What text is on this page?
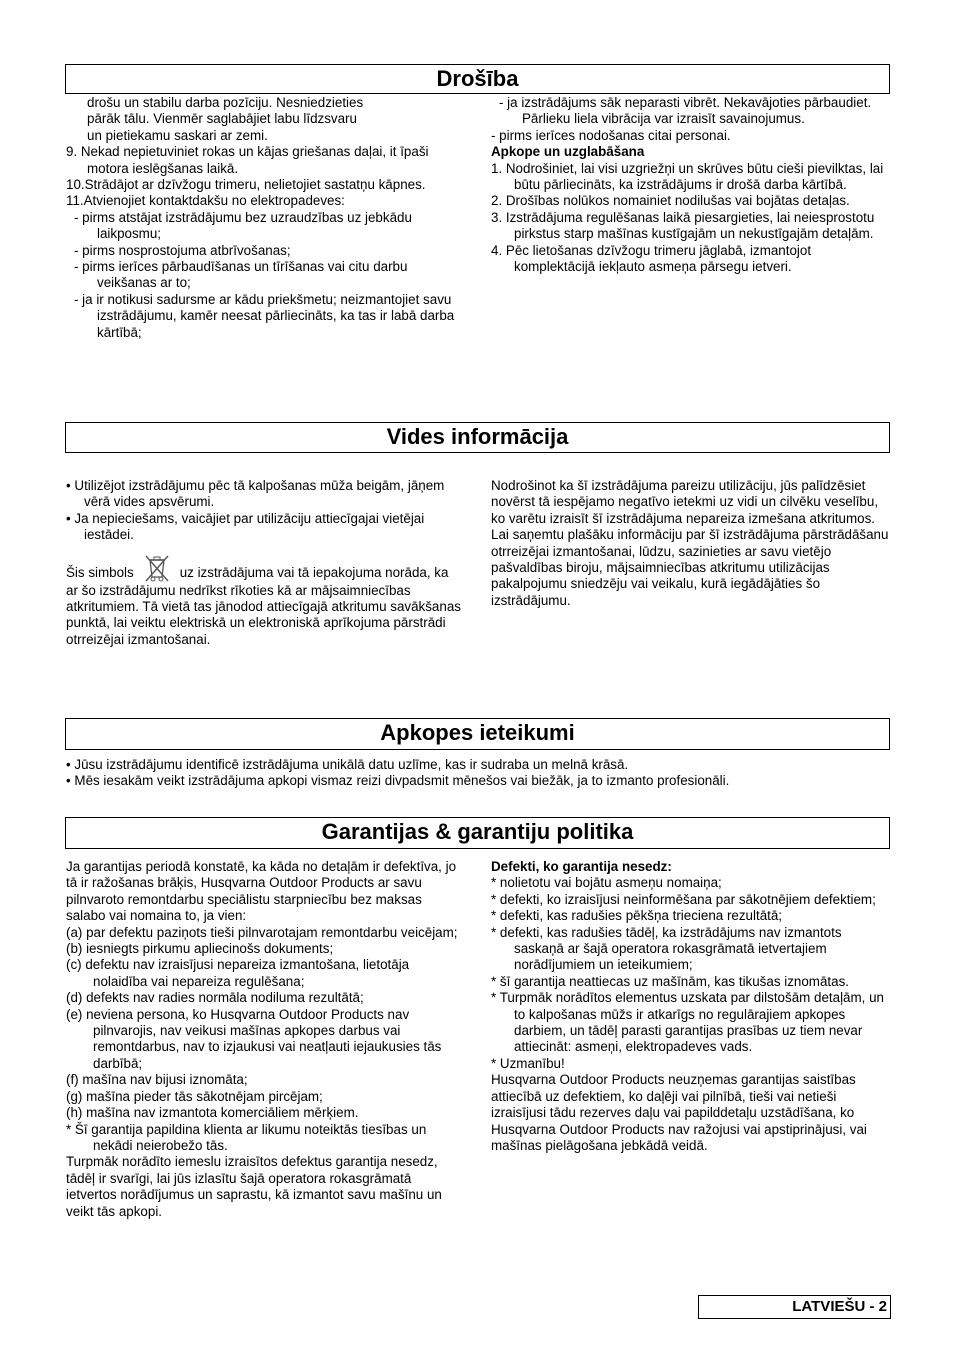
Drošība

drošu un stabilu darba pozīciju. Nesniedzieties

pārāk tālu. Vienmēr saglabājiet labu līdzsvaru

un pietiekamu saskari ar zemi.

9. Nekad nepietuviniet rokas un kājas griešanas daļai, it īpaši motora ieslēgšanas laikā.

10.Strādājot ar dzīvžogu trimeru, nelietojiet sastatņu kāpnes.

11.Atvienojiet kontaktdakšu no elektropadeves:

- pirms atstājat izstrādājumu bez uzraudzības uz jebkādu laikposmu;

- pirms nosprostojuma atbrīvošanas;

- pirms ierīces pārbaudīšanas un tīrīšanas vai citu darbu veikšanas ar to;

- ja ir notikusi sadursme ar kādu priekšmetu; neizmantojiet savu izstrādājumu, kamēr neesat pārliecināts, ka tas ir labā darba kārtībā;

- ja izstrādājums sāk neparasti vibrēt. Nekavājoties pārbaudiet. Pārlieku liela vibrācija var izraisīt savainojumus.

- pirms ierīces nodošanas citai personai.

Apkope un uzglabāšana

1. Nodrošiniet, lai visi uzgriežņi un skrūves būtu cieši pievilktas, lai būtu pārliecināts, ka izstrādājums ir drošā darba kārtībā.

2. Drošības nolūkos nomainiet nodilušas vai bojātas detaļas.

3. Izstrādājuma regulēšanas laikā piesargieties, lai neiesprostotu pirkstus starp mašīnas kustīgajām un nekustīgajām detaļām.

4. Pēc lietošanas dzīvžogu trimeru jāglabā, izmantojot komplektācijā iekļauto asmeņa pārsegu ietveri.

Vides informācija

• Utilizējot izstrādājumu pēc tā kalpošanas mūža beigām, jāņem vērā vides apsvērumi.

• Ja nepieciešams, vaicājiet par utilizāciju attiecīgajai vietējai iestādei.

Šis simbols	uz izstrādājuma vai tā iepakojuma norāda, ka ar šo izstrādājumu nedrīkst rīkoties kā ar mājsaimniecības atkritumiem. Tā vietā tas jānodod attiecīgajā atkritumu savākšanas punktā, lai veiktu elektriskā un elektroniskā aprīkojuma pārstrādi otrreizējai izmantošanai.

Nodrošinot ka šī izstrādājuma pareizu utilizāciju, jūs palīdzēsiet novērst tā iespējamo negatīvo ietekmi uz vidi un cilvēku veselību, ko varētu izraisīt šī izstrādājuma nepareiza izmešana atkritumos. Lai saņemtu plašāku informāciju par šī izstrādājuma pārstrādāšanu otrreizējai izmantošanai, lūdzu, sazinieties ar savu vietējo pašvaldības biroju, mājsaimniecības atkritumu utilizācijas pakalpojumu sniedzēju vai veikalu, kurā iegādājāties šo izstrādājumu.

Apkopes ieteikumi

• Jūsu izstrādājumu identificē izstrādājuma unikālā datu uzlīme, kas ir sudraba un melnā krāsā.

• Mēs iesakām veikt izstrādājuma apkopi vismaz reizi divpadsmit mēnešos vai biežāk, ja to izmanto profesionāli.

Garantijas & garantiju politika

Ja garantijas periodā konstatē, ka kāda no detaļām ir defektīva, jo tā ir ražošanas brāķis, Husqvarna Outdoor Products ar savu pilnvaroto remontdarbu speciālistu starpniecību bez maksas salabo vai nomaina to, ja vien:

(a) par defektu paziņots tieši pilnvarotajam remontdarbu veicējam;

(b) iesniegts pirkumu apliecinošs dokuments;

(c) defektu nav izraisījusi nepareiza izmantošana, lietotāja nolaidība vai nepareiza regulēšana;

(d) defekts nav radies normāla nodiluma rezultātā;

(e) neviena persona, ko Husqvarna Outdoor Products nav pilnvarojis, nav veikusi mašīnas apkopes darbus vai remontdarbus, nav to izjaukusi vai neatļauti iejaukusies tās darbībā;

(f) mašīna nav bijusi iznomāta;

(g) mašīna pieder tās sākotnējam pircējam;

(h) mašīna nav izmantota komerciāliem mērķiem.

* Šī garantija papildina klienta ar likumu noteiktās tiesības un nekādi neierobežo tās.

Turpmāk norādīto iemeslu izraisītos defektus garantija nesedz, tādēļ ir svarīgi, lai jūs izlasītu šajā operatora rokasgrāmatā ietvertos norādījumus un saprastu, kā izmantot savu mašīnu un veikt tās apkopi.

Defekti, ko garantija nesedz:

* nolietotu vai bojātu asmeņu nomaiņa;

* defekti, ko izraisījusi neinformēšana par sākotnējiem defektiem;

* defekti, kas radušies pēkšņa trieciena rezultātā;

* defekti, kas radušies tādēļ, ka izstrādājums nav izmantots saskaņā ar šajā operatora rokasgrāmatā ietvertajiem norādījumiem un ieteikumiem;

* šī garantija neattiecas uz mašīnām, kas tikušas iznomātas.

* Turpmāk norādītos elementus uzskata par dilstošām detaļām, un to kalpošanas mūžs ir atkarīgs no regulārajiem apkopes darbiem, un tādēļ parasti garantijas prasības uz tiem nevar attiecināt: asmeņi, elektropadeves vads.

* Uzmanību!

Husqvarna Outdoor Products neuzņemas garantijas saistības attiecībā uz defektiem, ko daļēji vai pilnībā, tieši vai netieši izraisījusi tādu rezerves daļu vai papilddetaļu uzstādīšana, ko Husqvarna Outdoor Products nav ražojusi vai apstiprinājusi, vai mašīnas pielāgošana jebkādā veidā.

LATVIEŠU - 2
